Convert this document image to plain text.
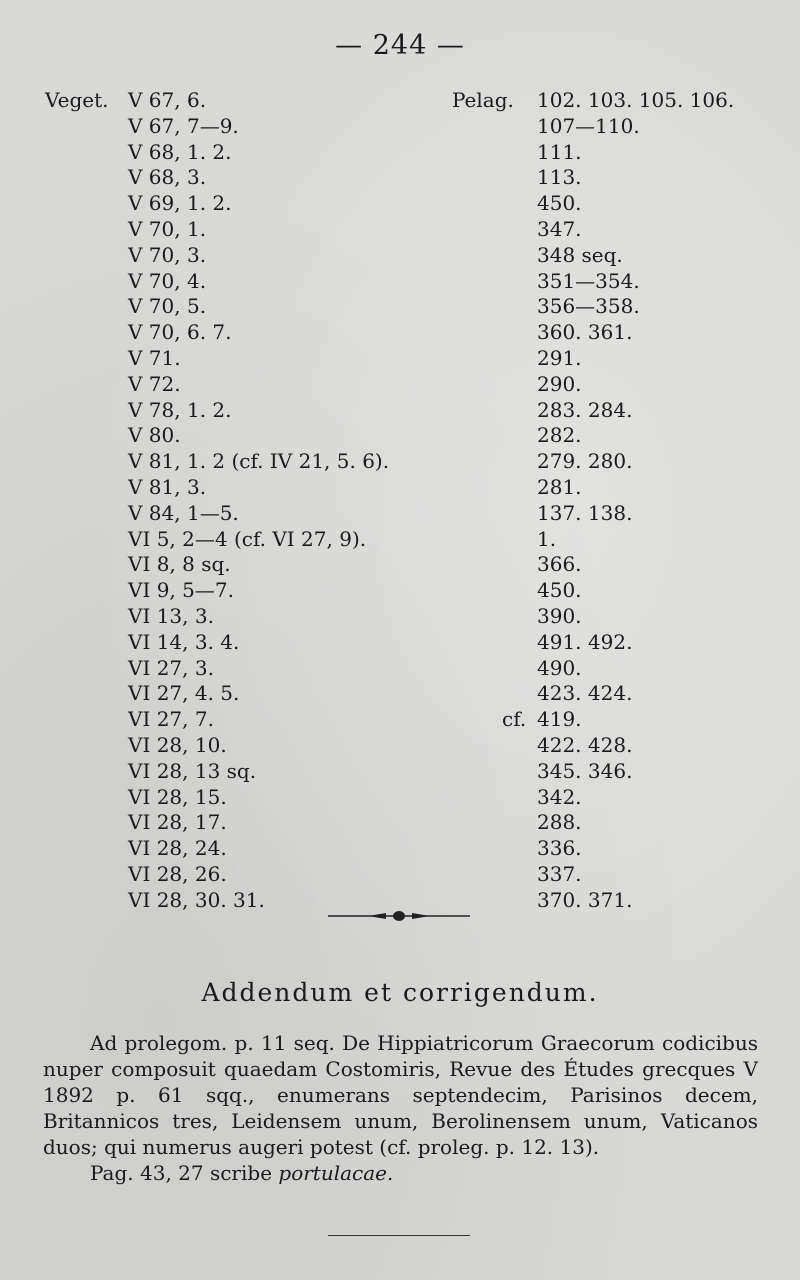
— 244 —
Veget.	Pelag.
V 67, 6.	102. 103. 105. 106.
V 67, 7—9.	107—110.
V 68, 1. 2.	111.
V 68, 3.	113.
V 69, 1. 2.	450.
V 70, 1.	347.
V 70, 3.	348 seq.
V 70, 4.	351—354.
V 70, 5.	356—358.
V 70, 6. 7.	360. 361.
V 71.	291.
V 72.	290.
V 78, 1. 2.	283. 284.
V 80.	282.
V 81, 1. 2 (cf. IV 21, 5. 6).	279. 280.
V 81, 3.	281.
V 84, 1—5.	137. 138.
VI 5, 2—4 (cf. VI 27, 9).	1.
VI 8, 8 sq.	366.
VI 9, 5—7.	450.
VI 13, 3.	390.
VI 14, 3. 4.	491. 492.
VI 27, 3.	490.
VI 27, 4. 5.	423. 424.
VI 27, 7.	cf. 419.
VI 28, 10.	422. 428.
VI 28, 13 sq.	345. 346.
VI 28, 15.	342.
VI 28, 17.	288.
VI 28, 24.	336.
VI 28, 26.	337.
VI 28, 30. 31.	370. 371.
Addendum et corrigendum.

Ad prolegom. p. 11 seq. De Hippiatricorum Graecorum codicibus nuper composuit quaedam Costomiris, Revue des Études grecques V 1892 p. 61 sqq., enumerans septendecim, Parisinos decem, Britannicos tres, Leidensem unum, Berolinensem unum, Vaticanos duos; qui numerus augeri potest (cf. proleg. p. 12. 13).

Pag. 43, 27 scribe portulacae.
